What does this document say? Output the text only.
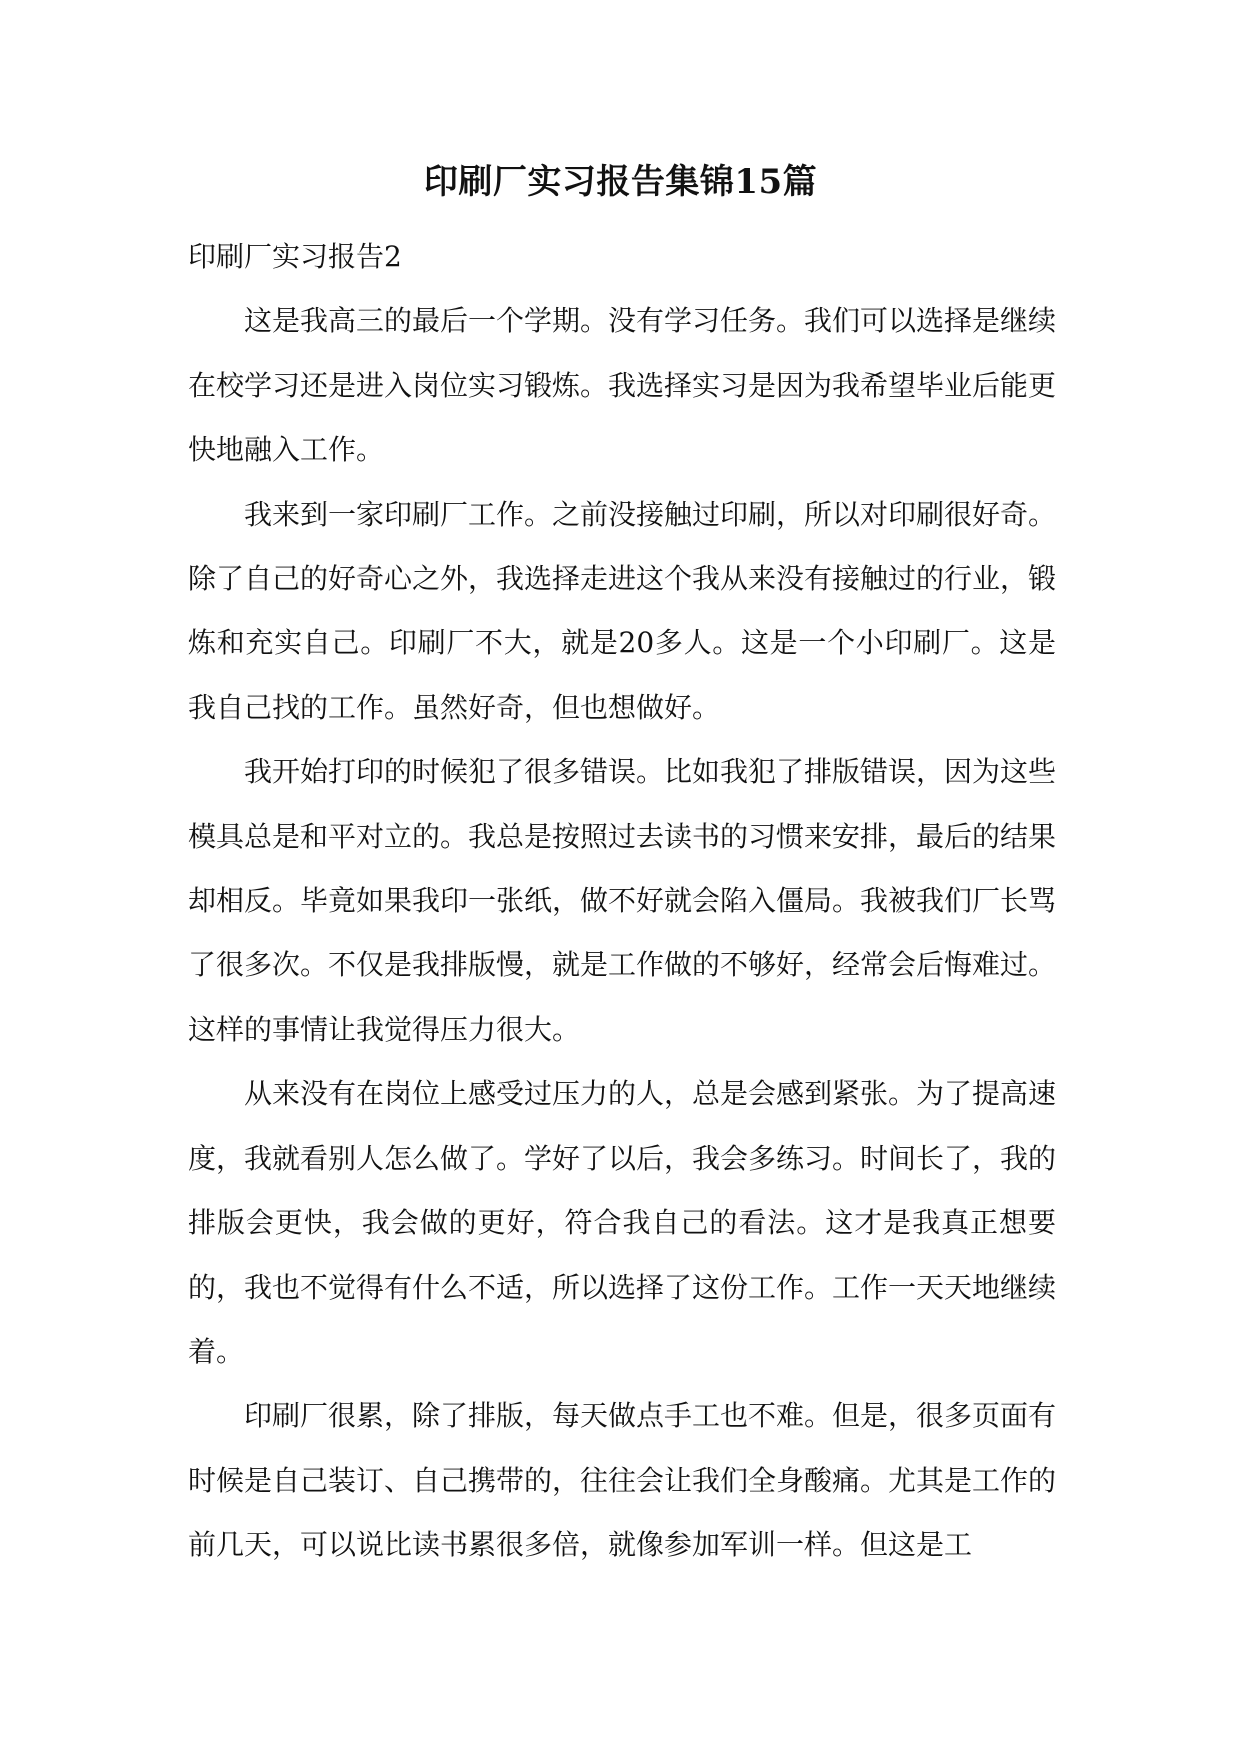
印刷厂实习报告集锦15篇

印刷厂实习报告2

这是我高三的最后一个学期。没有学习任务。我们可以选择是继续在校学习还是进入岗位实习锻炼。我选择实习是因为我希望毕业后能更快地融入工作。

我来到一家印刷厂工作。之前没接触过印刷，所以对印刷很好奇。除了自己的好奇心之外，我选择走进这个我从来没有接触过的行业，锻炼和充实自己。印刷厂不大，就是20多人。这是一个小印刷厂。这是我自己找的工作。虽然好奇，但也想做好。

我开始打印的时候犯了很多错误。比如我犯了排版错误，因为这些模具总是和平对立的。我总是按照过去读书的习惯来安排，最后的结果却相反。毕竟如果我印一张纸，做不好就会陷入僵局。我被我们厂长骂了很多次。不仅是我排版慢，就是工作做的不够好，经常会后悔难过。这样的事情让我觉得压力很大。

从来没有在岗位上感受过压力的人，总是会感到紧张。为了提高速度，我就看别人怎么做了。学好了以后，我会多练习。时间长了，我的排版会更快，我会做的更好，符合我自己的看法。这才是我真正想要的，我也不觉得有什么不适，所以选择了这份工作。工作一天天地继续着。

印刷厂很累，除了排版，每天做点手工也不难。但是，很多页面有时候是自己装订、自己携带的，往往会让我们全身酸痛。尤其是工作的前几天，可以说比读书累很多倍，就像参加军训一样。但这是工
